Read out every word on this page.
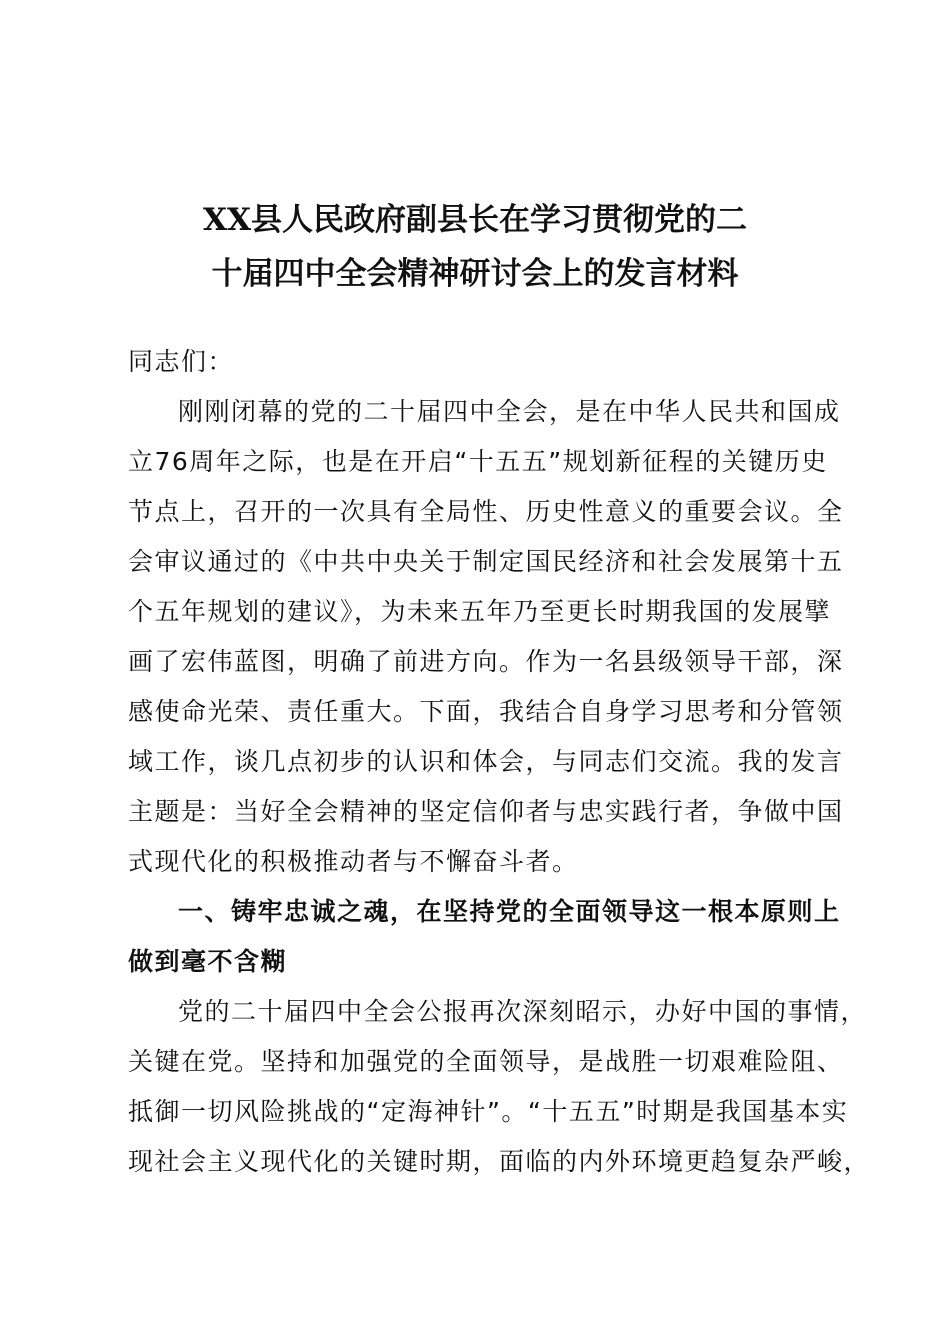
XX县人民政府副县长在学习贯彻党的二
十届四中全会精神研讨会上的发言材料
同志们：
刚刚闭幕的党的二十届四中全会，是在中华人民共和国成
立76周年之际，也是在开启“十五五”规划新征程的关键历史
节点上，召开的一次具有全局性、历史性意义的重要会议。全
会审议通过的《中共中央关于制定国民经济和社会发展第十五
个五年规划的建议》，为未来五年乃至更长时期我国的发展擘
画了宏伟蓝图，明确了前进方向。作为一名县级领导干部，深
感使命光荣、责任重大。下面，我结合自身学习思考和分管领
域工作，谈几点初步的认识和体会，与同志们交流。我的发言
主题是：当好全会精神的坚定信仰者与忠实践行者，争做中国
式现代化的积极推动者与不懈奋斗者。
一、铸牢忠诚之魂，在坚持党的全面领导这一根本原则上
做到毫不含糊
党的二十届四中全会公报再次深刻昭示，办好中国的事情，
关键在党。坚持和加强党的全面领导，是战胜一切艰难险阻、
抵御一切风险挑战的“定海神针”。“十五五”时期是我国基本实
现社会主义现代化的关键时期，面临的内外环境更趋复杂严峻，
